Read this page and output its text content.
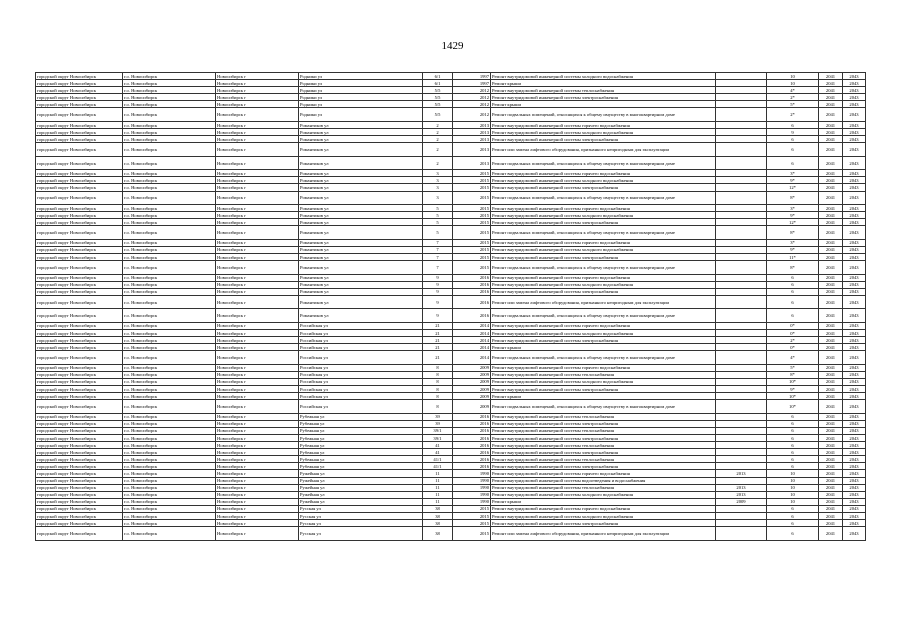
1429
городской округ Новосибирск	г.о. Новосибирск	Новосибирск г	Родники ул	6/1	1997	Ремонт внутридомовой инженерной системы холодного водоснабжения		10	2041	2043
городской округ Новосибирск	г.о. Новосибирск	Новосибирск г	Родники ул	6/1	1997	Ремонт крыши		10	2041	2043
городской округ Новосибирск	г.о. Новосибирск	Новосибирск г	Родники ул	5/5	2012	Ремонт внутридомовой инженерной системы теплоснабжения		4*	2041	2043
городской округ Новосибирск	г.о. Новосибирск	Новосибирск г	Родники ул	5/5	2012	Ремонт внутридомовой инженерной системы электроснабжения		2*	2041	2043
городской округ Новосибирск	г.о. Новосибирск	Новосибирск г	Родники ул	5/5	2012	Ремонт крыши		5*	2041	2043
городской округ Новосибирск	г.о. Новосибирск	Новосибирск г	Родники ул	5/5	2012	Ремонт подвальных помещений, относящихся к общему имуществу в многоквартирном доме		2*	2041	2043
городской округ Новосибирск	г.о. Новосибирск	Новосибирск г	Романтиков ул	2	2013	Ремонт внутридомовой инженерной системы горячего водоснабжения		6	2041	2043
городской округ Новосибирск	г.о. Новосибирск	Новосибирск г	Романтиков ул	2	2013	Ремонт внутридомовой инженерной системы холодного водоснабжения		9	2041	2043
городской округ Новосибирск	г.о. Новосибирск	Новосибирск г	Романтиков ул	2	2013	Ремонт внутридомовой инженерной системы электроснабжения		6	2041	2043
городской округ Новосибирск	г.о. Новосибирск	Новосибирск г	Романтиков ул	2	2013	Ремонт или замена лифтового оборудования, признанного непригодным для эксплуатации		6	2041	2043
городской округ Новосибирск	г.о. Новосибирск	Новосибирск г	Романтиков ул	2	2013	Ремонт подвальных помещений, относящихся к общему имуществу в многоквартирном доме		6	2041	2043
городской округ Новосибирск	г.о. Новосибирск	Новосибирск г	Романтиков ул	3	2015	Ремонт внутридомовой инженерной системы горячего водоснабжения		3*	2041	2043
городской округ Новосибирск	г.о. Новосибирск	Новосибирск г	Романтиков ул	3	2015	Ремонт внутридомовой инженерной системы холодного водоснабжения		9*	2041	2043
городской округ Новосибирск	г.о. Новосибирск	Новосибирск г	Романтиков ул	3	2015	Ремонт внутридомовой инженерной системы электроснабжения		12*	2041	2043
городской округ Новосибирск	г.о. Новосибирск	Новосибирск г	Романтиков ул	3	2015	Ремонт подвальных помещений, относящихся к общему имуществу в многоквартирном доме		8*	2041	2043
городской округ Новосибирск	г.о. Новосибирск	Новосибирск г	Романтиков ул	5	2015	Ремонт внутридомовой инженерной системы горячего водоснабжения		3*	2041	2043
городской округ Новосибирск	г.о. Новосибирск	Новосибирск г	Романтиков ул	5	2015	Ремонт внутридомовой инженерной системы холодного водоснабжения		9*	2041	2043
городской округ Новосибирск	г.о. Новосибирск	Новосибирск г	Романтиков ул	5	2015	Ремонт внутридомовой инженерной системы электроснабжения		12*	2041	2043
городской округ Новосибирск	г.о. Новосибирск	Новосибирск г	Романтиков ул	5	2015	Ремонт подвальных помещений, относящихся к общему имуществу в многоквартирном доме		8*	2041	2043
городской округ Новосибирск	г.о. Новосибирск	Новосибирск г	Романтиков ул	7	2015	Ремонт внутридомовой инженерной системы горячего водоснабжения		3*	2041	2043
городской округ Новосибирск	г.о. Новосибирск	Новосибирск г	Романтиков ул	7	2015	Ремонт внутридомовой инженерной системы холодного водоснабжения		9*	2041	2043
городской округ Новосибирск	г.о. Новосибирск	Новосибирск г	Романтиков ул	7	2015	Ремонт внутридомовой инженерной системы электроснабжения		11*	2041	2043
городской округ Новосибирск	г.о. Новосибирск	Новосибирск г	Романтиков ул	7	2015	Ремонт подвальных помещений, относящихся к общему имуществу в многоквартирном доме		8*	2041	2043
городской округ Новосибирск	г.о. Новосибирск	Новосибирск г	Романтиков ул	9	2016	Ремонт внутридомовой инженерной системы горячего водоснабжения		6	2041	2043
городской округ Новосибирск	г.о. Новосибирск	Новосибирск г	Романтиков ул	9	2016	Ремонт внутридомовой инженерной системы холодного водоснабжения		6	2041	2043
городской округ Новосибирск	г.о. Новосибирск	Новосибирск г	Романтиков ул	9	2016	Ремонт внутридомовой инженерной системы электроснабжения		6	2041	2043
городской округ Новосибирск	г.о. Новосибирск	Новосибирск г	Романтиков ул	9	2016	Ремонт или замена лифтового оборудования, признанного непригодным для эксплуатации		6	2041	2043
городской округ Новосибирск	г.о. Новосибирск	Новосибирск г	Романтиков ул	9	2016	Ремонт подвальных помещений, относящихся к общему имуществу в многоквартирном доме		6	2041	2043
городской округ Новосибирск	г.о. Новосибирск	Новосибирск г	Российская ул	21	2014	Ремонт внутридомовой инженерной системы горячего водоснабжения		0*	2041	2043
городской округ Новосибирск	г.о. Новосибирск	Новосибирск г	Российская ул	21	2014	Ремонт внутридомовой инженерной системы холодного водоснабжения		0*	2041	2043
городской округ Новосибирск	г.о. Новосибирск	Новосибирск г	Российская ул	21	2014	Ремонт внутридомовой инженерной системы электроснабжения		2*	2041	2043
городской округ Новосибирск	г.о. Новосибирск	Новосибирск г	Российская ул	21	2014	Ремонт крыши		0*	2041	2043
городской округ Новосибирск	г.о. Новосибирск	Новосибирск г	Российская ул	21	2014	Ремонт подвальных помещений, относящихся к общему имуществу в многоквартирном доме		4*	2041	2043
городской округ Новосибирск	г.о. Новосибирск	Новосибирск г	Российская ул	8	2009	Ремонт внутридомовой инженерной системы горячего водоснабжения		5*	2041	2043
городской округ Новосибирск	г.о. Новосибирск	Новосибирск г	Российская ул	8	2009	Ремонт внутридомовой инженерной системы теплоснабжения		8*	2041	2043
городской округ Новосибирск	г.о. Новосибирск	Новосибирск г	Российская ул	8	2009	Ремонт внутридомовой инженерной системы холодного водоснабжения		10*	2041	2043
городской округ Новосибирск	г.о. Новосибирск	Новосибирск г	Российская ул	8	2009	Ремонт внутридомовой инженерной системы электроснабжения		9*	2041	2043
городской округ Новосибирск	г.о. Новосибирск	Новосибирск г	Российская ул	8	2009	Ремонт крыши		10*	2041	2043
городской округ Новосибирск	г.о. Новосибирск	Новосибирск г	Российская ул	8	2009	Ремонт подвальных помещений, относящихся к общему имуществу в многоквартирном доме		10*	2041	2043
городской округ Новосибирск	г.о. Новосибирск	Новосибирск г	Рубежная ул	39	2016	Ремонт внутридомовой инженерной системы теплоснабжения		6	2041	2043
городской округ Новосибирск	г.о. Новосибирск	Новосибирск г	Рубежная ул	39	2016	Ремонт внутридомовой инженерной системы электроснабжения		6	2041	2043
городской округ Новосибирск	г.о. Новосибирск	Новосибирск г	Рубежная ул	39/1	2016	Ремонт внутридомовой инженерной системы теплоснабжения		6	2041	2043
городской округ Новосибирск	г.о. Новосибирск	Новосибирск г	Рубежная ул	39/1	2016	Ремонт внутридомовой инженерной системы электроснабжения		6	2041	2043
городской округ Новосибирск	г.о. Новосибирск	Новосибирск г	Рубежная ул	41	2016	Ремонт внутридомовой инженерной системы теплоснабжения		6	2041	2043
городской округ Новосибирск	г.о. Новосибирск	Новосибирск г	Рубежная ул	41	2016	Ремонт внутридомовой инженерной системы электроснабжения		6	2041	2043
городской округ Новосибирск	г.о. Новосибирск	Новосибирск г	Рубежная ул	41/1	2016	Ремонт внутридомовой инженерной системы теплоснабжения		6	2041	2043
городской округ Новосибирск	г.о. Новосибирск	Новосибирск г	Рубежная ул	41/1	2016	Ремонт внутридомовой инженерной системы электроснабжения		6	2041	2043
городской округ Новосибирск	г.о. Новосибирск	Новосибирск г	Ружейная ул	11	1990	Ремонт внутридомовой инженерной системы горячего водоснабжения	2013	10	2041	2043
городской округ Новосибирск	г.о. Новосибирск	Новосибирск г	Ружейная ул	11	1990	Ремонт внутридомовой инженерной системы водоотведения и водоснабжения		10	2041	2043
городской округ Новосибирск	г.о. Новосибирск	Новосибирск г	Ружейная ул	11	1990	Ремонт внутридомовой инженерной системы теплоснабжения	2013	10	2041	2043
городской округ Новосибирск	г.о. Новосибирск	Новосибирск г	Ружейная ул	11	1990	Ремонт внутридомовой инженерной системы холодного водоснабжения	2013	10	2041	2043
городской округ Новосибирск	г.о. Новосибирск	Новосибирск г	Ружейная ул	11	1990	Ремонт крыши	2009	10	2041	2043
городской округ Новосибирск	г.о. Новосибирск	Новосибирск г	Русская ул	38	2015	Ремонт внутридомовой инженерной системы горячего водоснабжения		6	2041	2043
городской округ Новосибирск	г.о. Новосибирск	Новосибирск г	Русская ул	38	2015	Ремонт внутридомовой инженерной системы холодного водоснабжения		6	2041	2043
городской округ Новосибирск	г.о. Новосибирск	Новосибирск г	Русская ул	38	2015	Ремонт внутридомовой инженерной системы электроснабжения		6	2041	2043
городской округ Новосибирск	г.о. Новосибирск	Новосибирск г	Русская ул	38	2015	Ремонт или замена лифтового оборудования, признанного непригодным для эксплуатации		6	2041	2043
